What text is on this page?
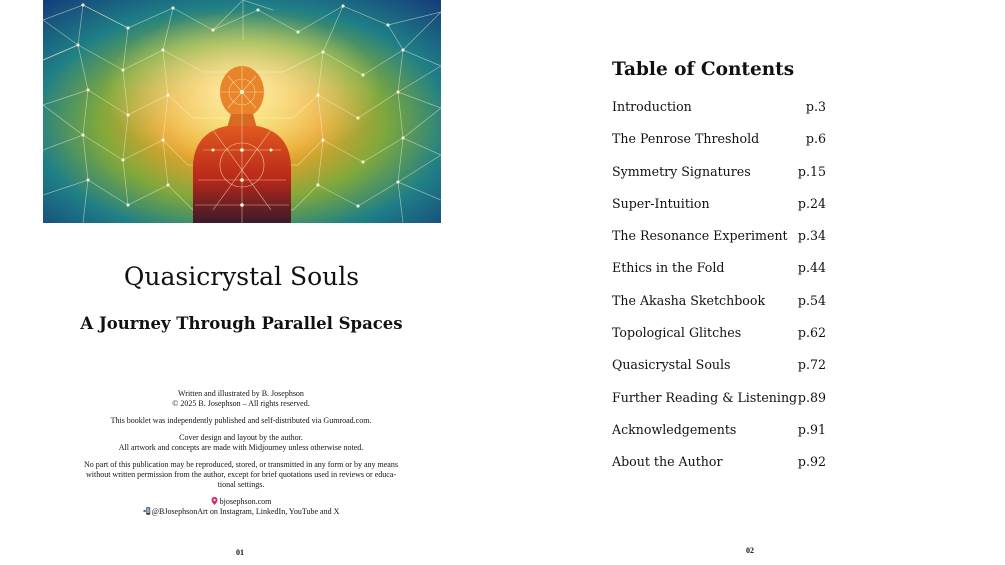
Quasicrystal Souls
A Journey Through Parallel Spaces
Written and illustrated by B. Josephson
© 2025 B. Josephson – All rights reserved.
This booklet was independently published and self-distributed via Gumroad.com.
Cover design and layout by the author.
All artwork and concepts are made with Midjourney unless otherwise noted.
No part of this publication may be reproduced, stored, or transmitted in any form or by any means
without written permission from the author, except for brief quotations used in reviews or educa-
tional settings.
bjosephson.com
@BJosephsonArt on Instagram, LinkedIn, YouTube and X
01
Table of Contents
Introduction	p.3
The Penrose Threshold	p.6
Symmetry Signatures	p.15
Super-Intuition	p.24
The Resonance Experiment p.34
Ethics in the Fold	p.44
The Akasha Sketchbook	p.54
Topological Glitches	p.62
Quasicrystal Souls	p.72
Further Reading & Listening p.89
Acknowledgements	p.91
About the Author	p.92
02
